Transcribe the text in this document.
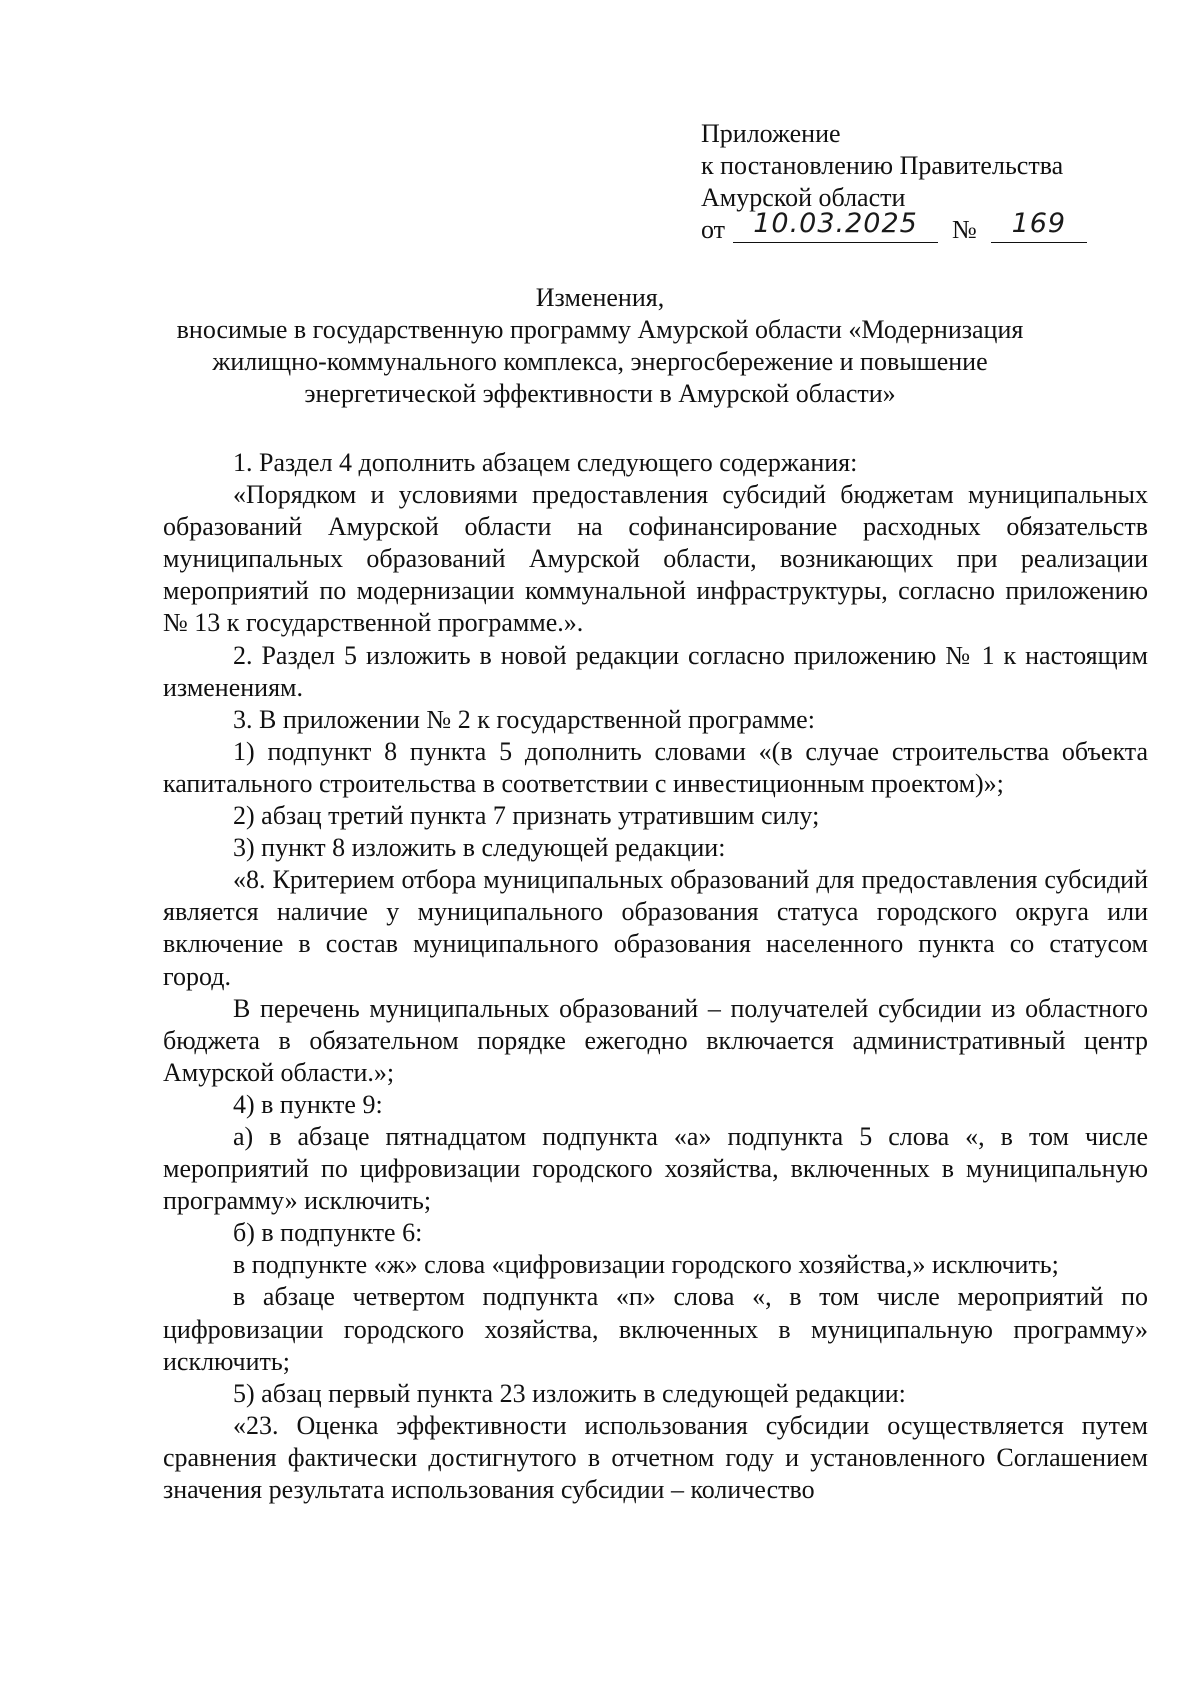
Приложение
к постановлению Правительства
Амурской области
от 10.03.2025 № 169
Изменения,
вносимые в государственную программу Амурской области «Модернизация
жилищно-коммунального комплекса, энергосбережение и повышение
энергетической эффективности в Амурской области»

1. Раздел 4 дополнить абзацем следующего содержания:

«Порядком и условиями предоставления субсидий бюджетам муниципальных образований Амурской области на софинансирование расходных обязательств муниципальных образований Амурской области, возникающих при реализации мероприятий по модернизации коммунальной инфраструктуры, согласно приложению № 13 к государственной программе.».

2. Раздел 5 изложить в новой редакции согласно приложению № 1 к настоящим изменениям.

3. В приложении № 2 к государственной программе:

1) подпункт 8 пункта 5 дополнить словами «(в случае строительства объекта капитального строительства в соответствии с инвестиционным проектом)»;

2) абзац третий пункта 7 признать утратившим силу;

3) пункт 8 изложить в следующей редакции:

«8. Критерием отбора муниципальных образований для предоставления субсидий является наличие у муниципального образования статуса городского округа или включение в состав муниципального образования населенного пункта со статусом город.

В перечень муниципальных образований – получателей субсидии из областного бюджета в обязательном порядке ежегодно включается административный центр Амурской области.»;

4) в пункте 9:

а) в абзаце пятнадцатом подпункта «а» подпункта 5 слова «, в том числе мероприятий по цифровизации городского хозяйства, включенных в муниципальную программу» исключить;

б) в подпункте 6:

в подпункте «ж» слова «цифровизации городского хозяйства,» исключить;

в абзаце четвертом подпункта «п» слова «, в том числе мероприятий по цифровизации городского хозяйства, включенных в муниципальную программу» исключить;

5) абзац первый пункта 23 изложить в следующей редакции:

«23. Оценка эффективности использования субсидии осуществляется путем сравнения фактически достигнутого в отчетном году и установленного Соглашением значения результата использования субсидии – количество
